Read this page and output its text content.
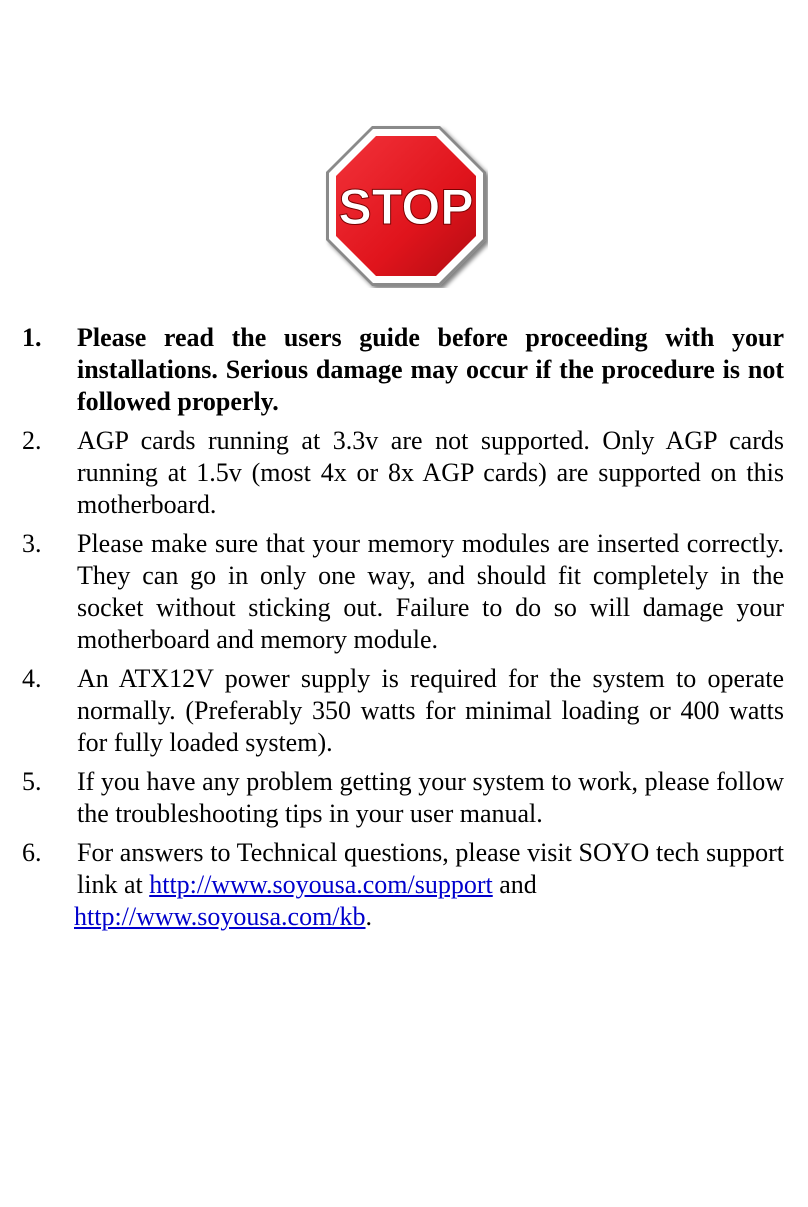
STOP
1.	Please read the users guide before proceeding with your installations. Serious damage may occur if the procedure is not followed properly.
2.	AGP cards running at 3.3v are not supported. Only AGP cards running at 1.5v (most 4x or 8x AGP cards) are supported on this motherboard.
3.	Please make sure that your memory modules are inserted correctly. They can go in only one way, and should fit completely in the socket without sticking out. Failure to do so will damage your motherboard and memory module.
4.	An ATX12V power supply is required for the system to operate normally. (Preferably 350 watts for minimal loading or 400 watts for fully loaded system).
5.	If you have any problem getting your system to work, please follow the troubleshooting tips in your user manual.
6.	For answers to Technical questions, please visit SOYO tech support link at http://www.soyousa.com/support and
http://www.soyousa.com/kb.
